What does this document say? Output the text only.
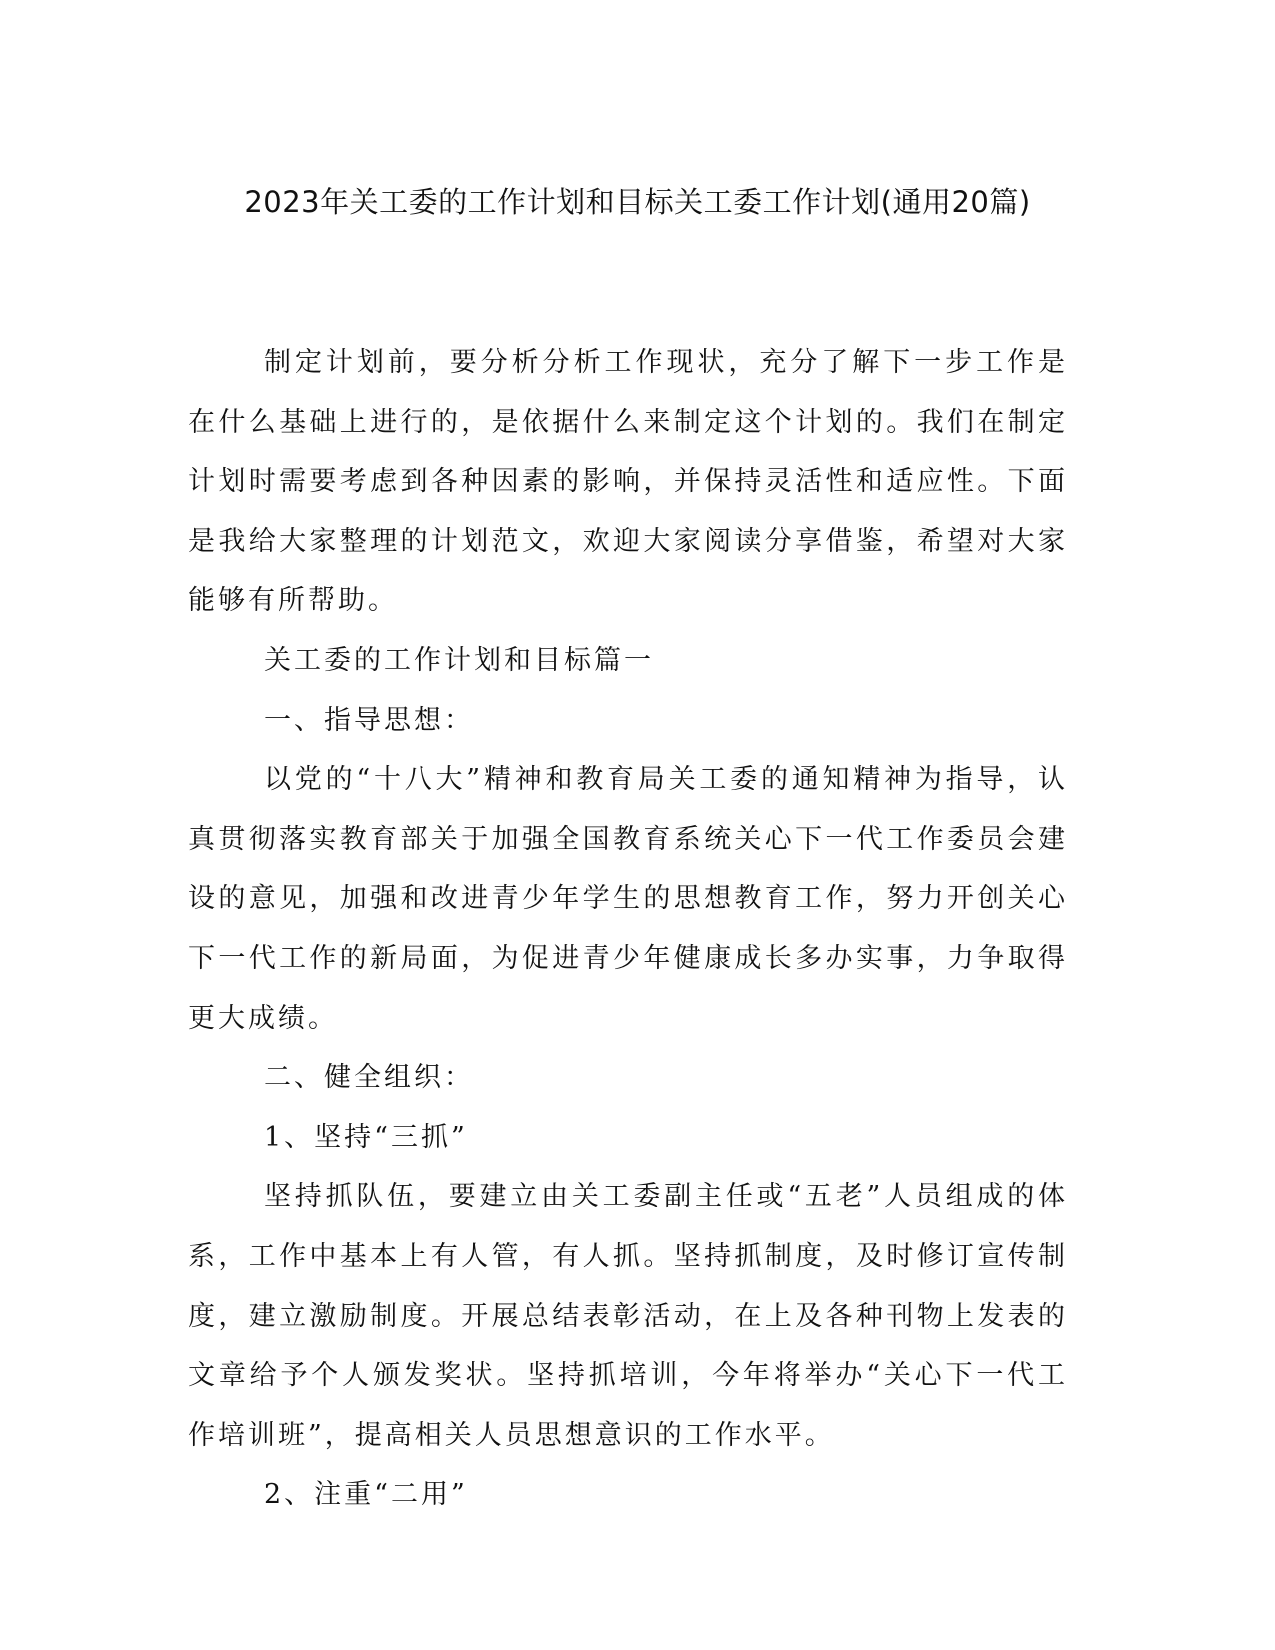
2023年关工委的工作计划和目标关工委工作计划(通用20篇)

制定计划前，要分析分析工作现状，充分了解下一步工作是在什么基础上进行的，是依据什么来制定这个计划的。我们在制定计划时需要考虑到各种因素的影响，并保持灵活性和适应性。下面是我给大家整理的计划范文，欢迎大家阅读分享借鉴，希望对大家能够有所帮助。

关工委的工作计划和目标篇一

一、指导思想：

以党的“十八大”精神和教育局关工委的通知精神为指导，认真贯彻落实教育部关于加强全国教育系统关心下一代工作委员会建设的意见，加强和改进青少年学生的思想教育工作，努力开创关心下一代工作的新局面，为促进青少年健康成长多办实事，力争取得更大成绩。

二、健全组织：

1、坚持“三抓”

坚持抓队伍，要建立由关工委副主任或“五老”人员组成的体系，工作中基本上有人管，有人抓。坚持抓制度，及时修订宣传制度，建立激励制度。开展总结表彰活动，在上及各种刊物上发表的文章给予个人颁发奖状。坚持抓培训，今年将举办“关心下一代工作培训班”，提高相关人员思想意识的工作水平。

2、注重“二用”
